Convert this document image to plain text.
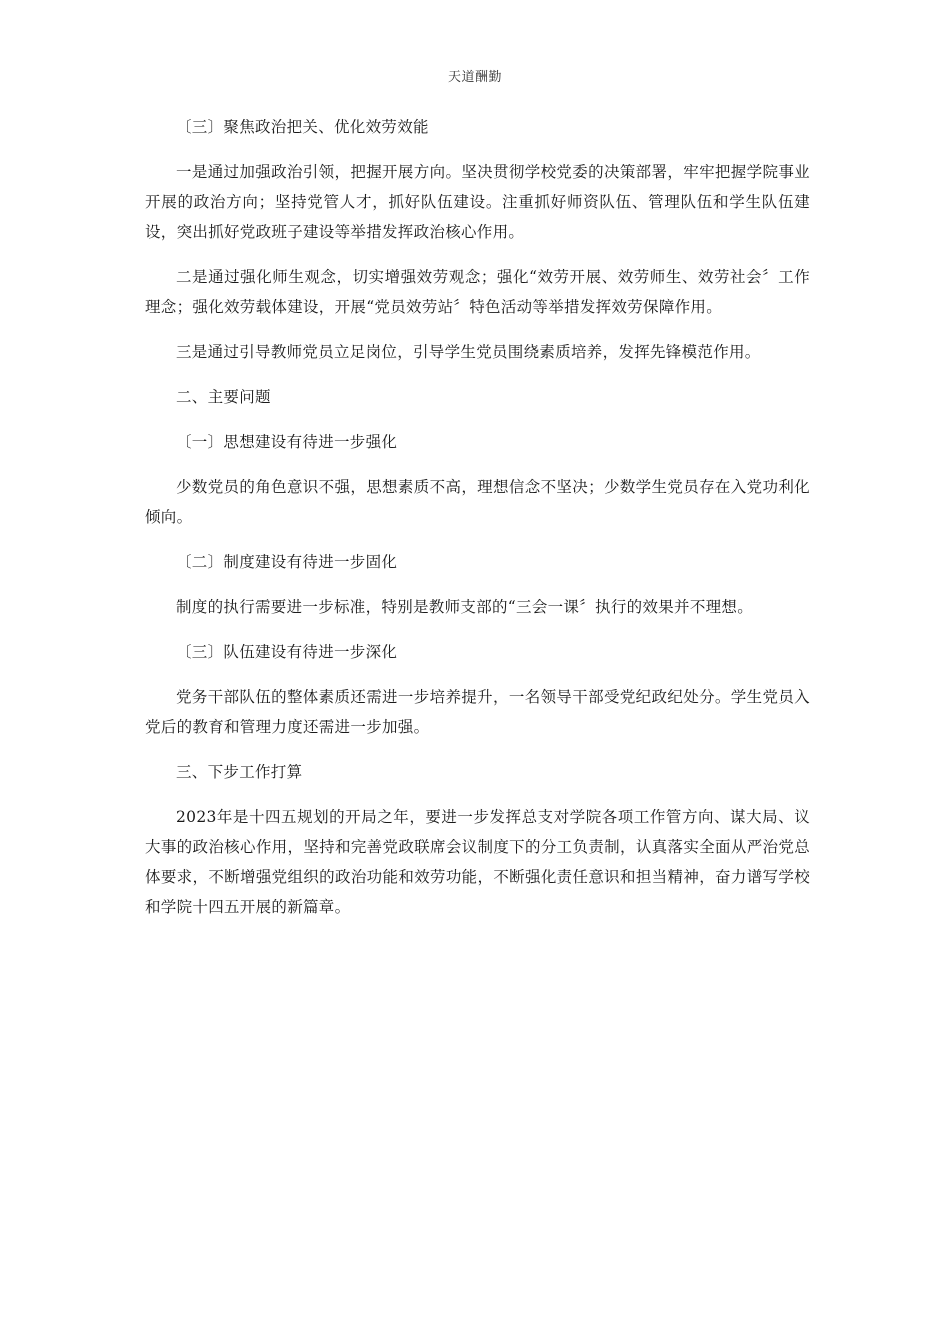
天道酬勤

〔三〕聚焦政治把关、优化效劳效能

一是通过加强政治引领，把握开展方向。坚决贯彻学校党委的决策部署，牢牢把握学院事业开展的政治方向；坚持党管人才，抓好队伍建设。注重抓好师资队伍、管理队伍和学生队伍建设，突出抓好党政班子建设等举措发挥政治核心作用。

二是通过强化师生观念，切实增强效劳观念；强化“效劳开展、效劳师生、效劳社会〞工作理念；强化效劳载体建设，开展“党员效劳站〞特色活动等举措发挥效劳保障作用。

三是通过引导教师党员立足岗位，引导学生党员围绕素质培养，发挥先锋模范作用。

二、主要问题

〔一〕思想建设有待进一步强化

少数党员的角色意识不强，思想素质不高，理想信念不坚决；少数学生党员存在入党功利化倾向。

〔二〕制度建设有待进一步固化

制度的执行需要进一步标准，特别是教师支部的“三会一课〞执行的效果并不理想。

〔三〕队伍建设有待进一步深化

党务干部队伍的整体素质还需进一步培养提升，一名领导干部受党纪政纪处分。学生党员入党后的教育和管理力度还需进一步加强。

三、下步工作打算

2023年是十四五规划的开局之年，要进一步发挥总支对学院各项工作管方向、谋大局、议大事的政治核心作用，坚持和完善党政联席会议制度下的分工负责制，认真落实全面从严治党总体要求，不断增强党组织的政治功能和效劳功能，不断强化责任意识和担当精神，奋力谱写学校和学院十四五开展的新篇章。
